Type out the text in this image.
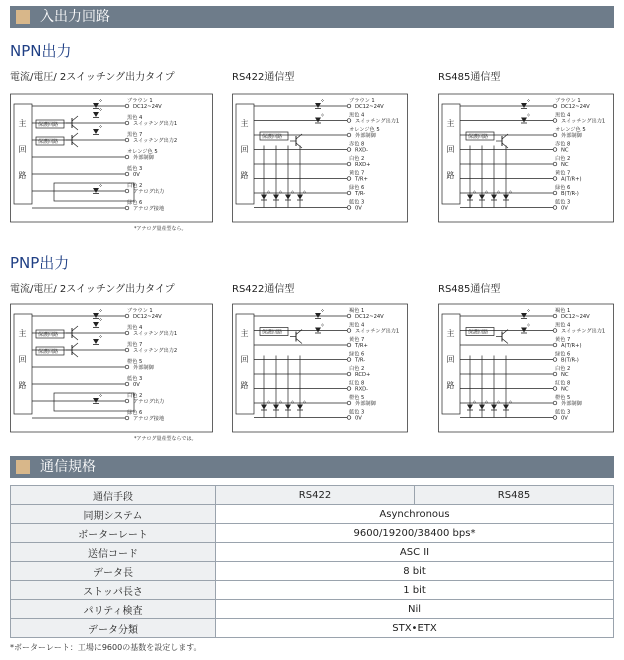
入出力回路
NPN出力
電流/電圧/ 2スイッチング出力タイプ	RS422通信型	RS485通信型
主
回
路
ブラウン 1
DC12~24V
黒色 4
スイッチング出力1
黒色 7
スイッチング出力2
オレンジ色 5
外部制御
藍色 3
0V
白色 2
アナログ出力
緑色 6
アナログ接地
保護回路
保護回路
*アナログ量産型なら。
主
回
路
ブラウン 1
DC12~24V
黒色 4
スイッチング出力1
オレンジ色 5
外部制御
赤色 8
RXD-
白色 2
RXD+
黄色 7
T/R+
緑色 6
T/R-
藍色 3
0V
保護回路
主
回
路
ブラウン 1
DC12~24V
黒色 4
スイッチング出力1
オレンジ色 5
外部制御
赤色 8
NC
白色 2
NC
黄色 7
A(T/R+)
緑色 6
B(T/R-)
藍色 3
0V
保護回路
PNP出力
電流/電圧/ 2スイッチング出力タイプ	RS422通信型	RS485通信型
主
回
路
ブラウン 1
DC12~24V
黒色 4
スイッチング出力1
黒色 7
スイッチング出力2
橙色 5
外部制御
藍色 3
0V
白色 2
アナログ出力
緑色 6
アナログ接地
保護回路
保護回路
*アナログ量産型ならでは。
主
回
路
褐色 1
DC12~24V
黒色 4
スイッチング出力1
黄色 7
T/R+
緑色 6
T/R-
白色 2
RCD+
紅色 8
RXD-
橙色 5
外部制御
藍色 3
0V
保護回路	主
回
路
褐色 1
DC12~24V
黒色 4
スイッチング出力1
黄色 7
A(T/R+)
緑色 6
B(T/R-)
白色 2
NC
紅色 8
NC
橙色 5
外部制御
藍色 3
0V
保護回路
通信規格
通信手段	RS422	RS485
同期システム	Asynchronous	
ボーターレート	9600/19200/38400 bps*	
送信コード	ASC II	
データ長	8 bit	
ストッパ長さ	1 bit	
パリティ検査	Nil	
データ分類	STX•ETX	
*ボーターレート：工場に9600の基数を設定します。
